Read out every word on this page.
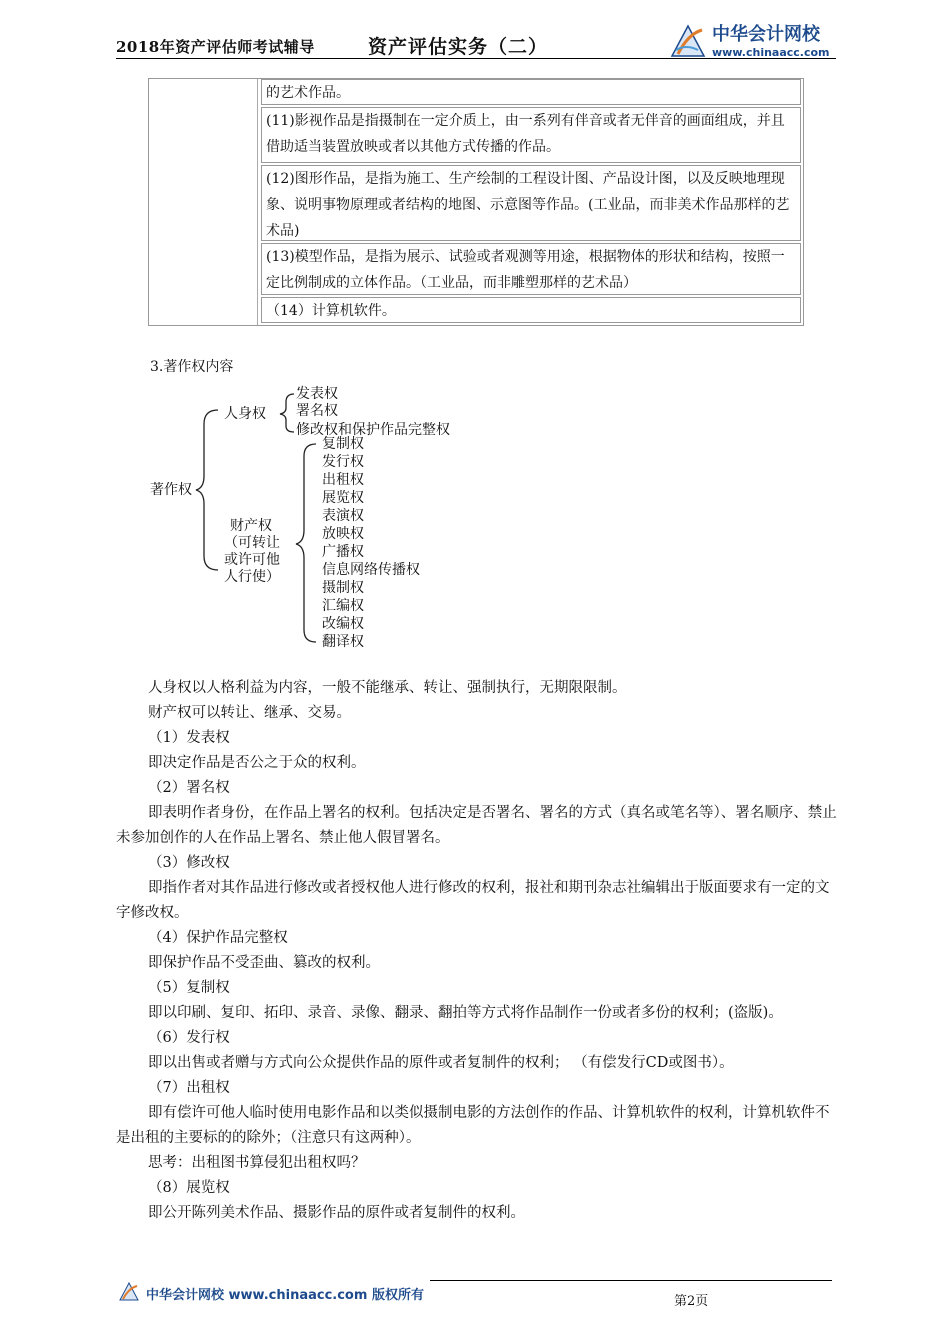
2018年资产评估师考试辅导	资产评估实务（二）
中华会计网校
www.chinaacc.com
的艺术作品。
(11)影视作品是指摄制在一定介质上，由一系列有伴音或者无伴音的画面组成，并且借助适当装置放映或者以其他方式传播的作品。
(12)图形作品，是指为施工、生产绘制的工程设计图、产品设计图，以及反映地理现象、说明事物原理或者结构的地图、示意图等作品。(工业品，而非美术作品那样的艺术品)
(13)模型作品，是指为展示、试验或者观测等用途，根据物体的形状和结构，按照一定比例制成的立体作品。（工业品，而非雕塑那样的艺术品）
（14）计算机软件。
3.著作权内容
著作权
人身权
发表权
署名权
修改权和保护作品完整权
财产权
（可转让
或许可他
人行使）
复制权
发行权
出租权
展览权
表演权
放映权
广播权
信息网络传播权
摄制权
汇编权
改编权
翻译权

人身权以人格利益为内容，一般不能继承、转让、强制执行，无期限限制。

财产权可以转让、继承、交易。

（1）发表权

即决定作品是否公之于众的权利。

（2）署名权

即表明作者身份，在作品上署名的权利。包括决定是否署名、署名的方式（真名或笔名等）、署名顺序、禁止未参加创作的人在作品上署名、禁止他人假冒署名。

（3）修改权

即指作者对其作品进行修改或者授权他人进行修改的权利，报社和期刊杂志社编辑出于版面要求有一定的文字修改权。

（4）保护作品完整权

即保护作品不受歪曲、篡改的权利。

（5）复制权

即以印刷、复印、拓印、录音、录像、翻录、翻拍等方式将作品制作一份或者多份的权利；(盗版)。

（6）发行权

即以出售或者赠与方式向公众提供作品的原件或者复制件的权利； （有偿发行CD或图书）。

（7）出租权

即有偿许可他人临时使用电影作品和以类似摄制电影的方法创作的作品、计算机软件的权利，计算机软件不是出租的主要标的的除外；（注意只有这两种）。

思考：出租图书算侵犯出租权吗？

（8）展览权

即公开陈列美术作品、摄影作品的原件或者复制件的权利。

中华会计网校 www.chinaacc.com 版权所有	第2页
